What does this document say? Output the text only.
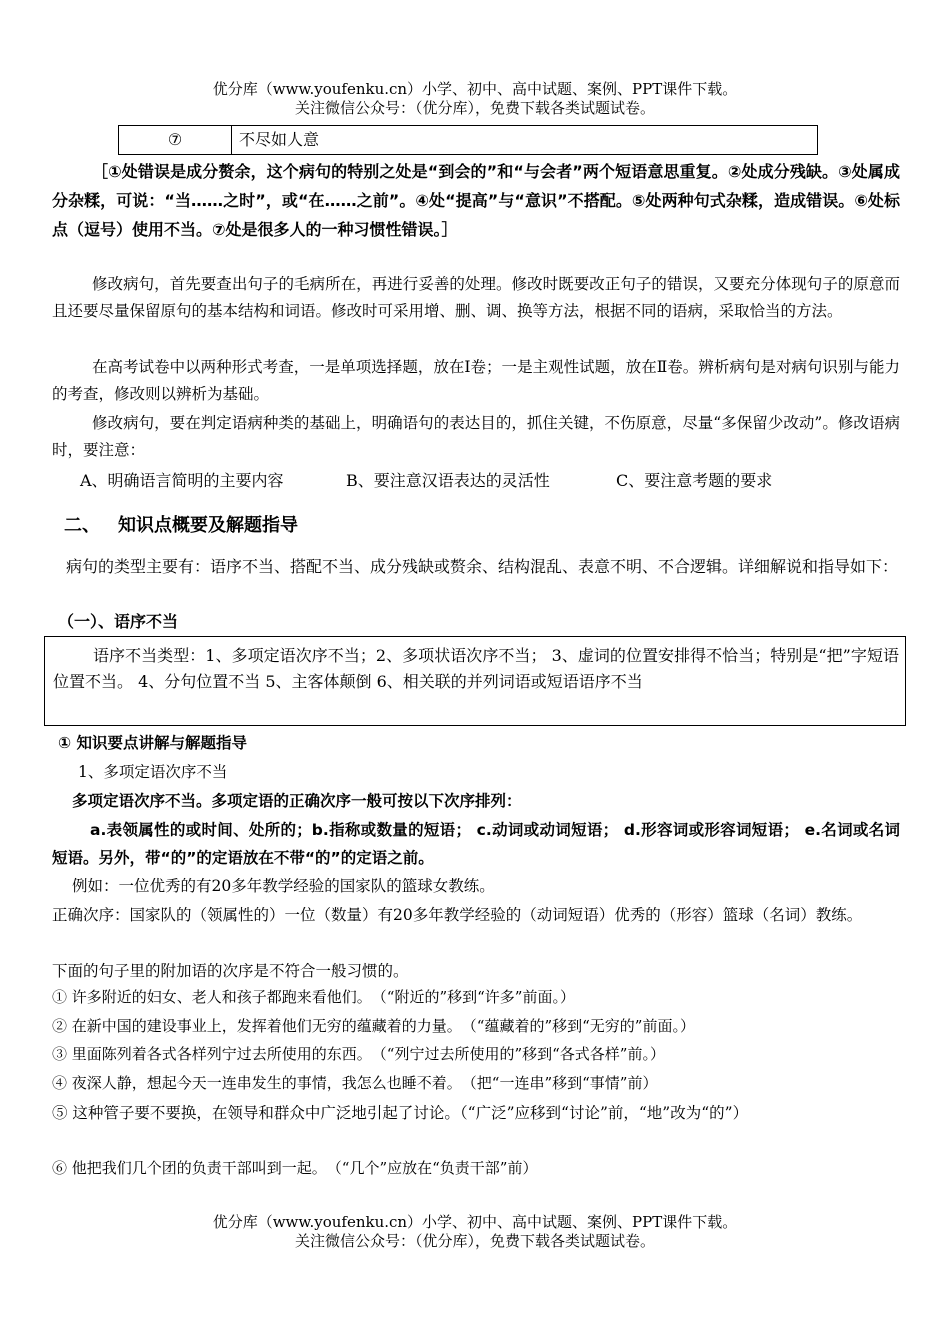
优分库（www.youfenku.cn）小学、初中、高中试题、案例、PPT课件下载。
关注微信公众号：（优分库），免费下载各类试题试卷。
⑦	不尽如人意
［①处错误是成分赘余，这个病句的特别之处是“到会的”和“与会者”两个短语意思重复。②处成分残缺。③处属成分杂糅，可说：“当……之时”，或“在……之前”。④处“提高”与“意识”不搭配。⑤处两种句式杂糅，造成错误。⑥处标点（逗号）使用不当。⑦处是很多人的一种习惯性错误。］
修改病句，首先要查出句子的毛病所在，再进行妥善的处理。修改时既要改正句子的错误，又要充分体现句子的原意而且还要尽量保留原句的基本结构和词语。修改时可采用增、删、调、换等方法，根据不同的语病，采取恰当的方法。
在高考试卷中以两种形式考查，一是单项选择题，放在Ⅰ卷；一是主观性试题，放在Ⅱ卷。辨析病句是对病句识别与能力的考查，修改则以辨析为基础。
修改病句，要在判定语病种类的基础上，明确语句的表达目的，抓住关键，不伤原意，尽量“多保留少改动”。修改语病时，要注意：
A、明确语言简明的主要内容	B、要注意汉语表达的灵活性	C、要注意考题的要求
二、 知识点概要及解题指导
病句的类型主要有：语序不当、搭配不当、成分残缺或赘余、结构混乱、表意不明、不合逻辑。详细解说和指导如下：
（一）、语序不当
语序不当类型：1、多项定语次序不当；2、多项状语次序不当； 3、虚词的位置安排得不恰当；特别是“把”字短语位置不当。 4、分句位置不当 5、主客体颠倒 6、相关联的并列词语或短语语序不当
① 知识要点讲解与解题指导
1、多项定语次序不当
多项定语次序不当。多项定语的正确次序一般可按以下次序排列：
a.表领属性的或时间、处所的；b.指称或数量的短语； c.动词或动词短语； d.形容词或形容词短语； e.名词或名词短语。另外，带“的”的定语放在不带“的”的定语之前。
例如：一位优秀的有20多年教学经验的国家队的篮球女教练。
正确次序：国家队的（领属性的）一位（数量）有20多年教学经验的（动词短语）优秀的（形容）篮球（名词）教练。
下面的句子里的附加语的次序是不符合一般习惯的。
① 许多附近的妇女、老人和孩子都跑来看他们。　（“附近的”移到“许多”前面。）
② 在新中国的建设事业上，发挥着他们无穷的蕴藏着的力量。　（“蕴藏着的”移到“无穷的”前面。）
③ 里面陈列着各式各样列宁过去所使用的东西。　（“列宁过去所使用的”移到“各式各样”前。）
④ 夜深人静，想起今天一连串发生的事情，我怎么也睡不着。　（把“一连串”移到“事情”前）
⑤ 这种管子要不要换，在领导和群众中广泛地引起了讨论。（“广泛”应移到“讨论”前，“地”改为“的”）
⑥ 他把我们几个团的负责干部叫到一起。　（“几个”应放在“负责干部”前）
优分库（www.youfenku.cn）小学、初中、高中试题、案例、PPT课件下载。
关注微信公众号：（优分库），免费下载各类试题试卷。
